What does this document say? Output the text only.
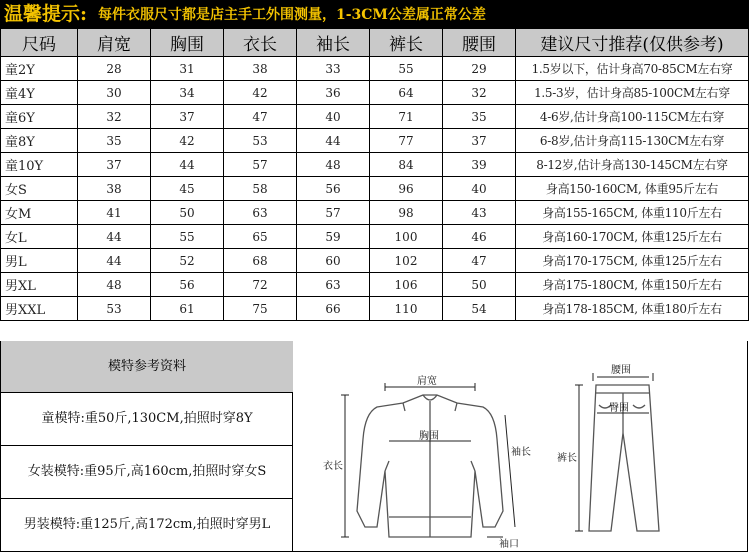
温馨提示: 每件衣服尺寸都是店主手工外围测量，1-3CM公差属正常公差
尺码	肩宽	胸围	衣长	袖长	裤长	腰围	建议尺寸推荐(仅供参考)
童2Y	28	31	38	33	55	29	1.5岁以下，估计身高70-85CM左右穿
童4Y	30	34	42	36	64	32	1.5-3岁，估计身高85-100CM左右穿
童6Y	32	37	47	40	71	35	4-6岁,估计身高100-115CM左右穿
童8Y	35	42	53	44	77	37	6-8岁,估计身高115-130CM左右穿
童10Y	37	44	57	48	84	39	8-12岁,估计身高130-145CM左右穿
女S	38	45	58	56	96	40	身高150-160CM, 体重95斤左右
女M	41	50	63	57	98	43	身高155-165CM, 体重110斤左右
女L	44	55	65	59	100	46	身高160-170CM, 体重125斤左右
男L	44	52	68	60	102	47	身高170-175CM, 体重125斤左右
男XL	48	56	72	63	106	50	身高175-180CM, 体重150斤左右
男XXL	53	61	75	66	110	54	身高178-185CM, 体重180斤左右
模特参考资料
童模特:重50斤,130CM,拍照时穿8Y
女装模特:重95斤,高160cm,拍照时穿女S
男装模特:重125斤,高172cm,拍照时穿男L
肩宽
胸围
衣长
袖长
袖口
腰围
臀围
裤长
